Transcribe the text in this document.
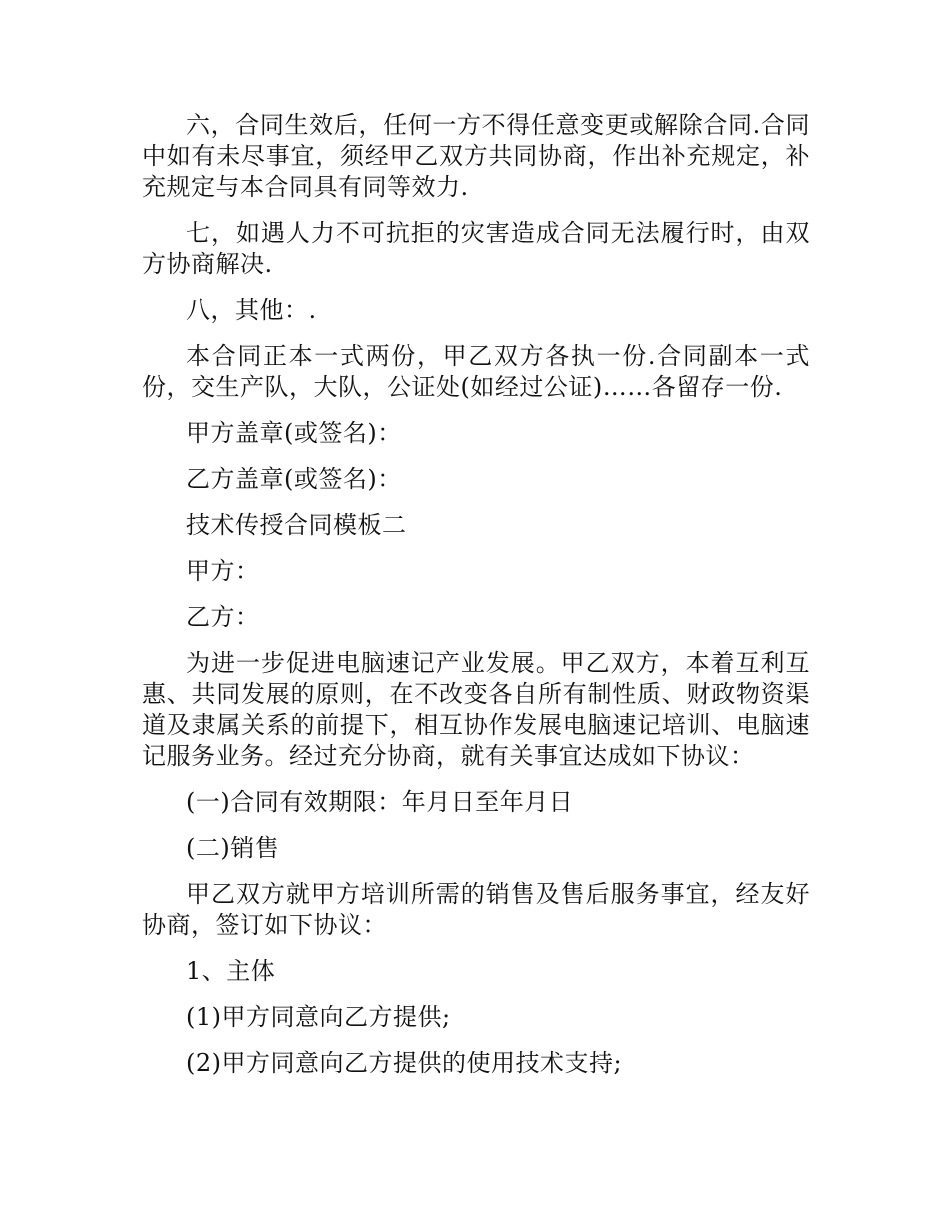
六，合同生效后，任何一方不得任意变更或解除合同.合同中如有未尽事宜，须经甲乙双方共同协商，作出补充规定，补充规定与本合同具有同等效力.

七，如遇人力不可抗拒的灾害造成合同无法履行时，由双方协商解决.

八，其他：.

本合同正本一式两份，甲乙双方各执一份.合同副本一式份，交生产队，大队，公证处(如经过公证)……各留存一份.

甲方盖章(或签名)：

乙方盖章(或签名)：

技术传授合同模板二

甲方：

乙方：

为进一步促进电脑速记产业发展。甲乙双方，本着互利互惠、共同发展的原则，在不改变各自所有制性质、财政物资渠道及隶属关系的前提下，相互协作发展电脑速记培训、电脑速记服务业务。经过充分协商，就有关事宜达成如下协议：

(一)合同有效期限：年月日至年月日

(二)销售

甲乙双方就甲方培训所需的销售及售后服务事宜，经友好协商，签订如下协议：

1、主体

(1)甲方同意向乙方提供;

(2)甲方同意向乙方提供的使用技术支持;
